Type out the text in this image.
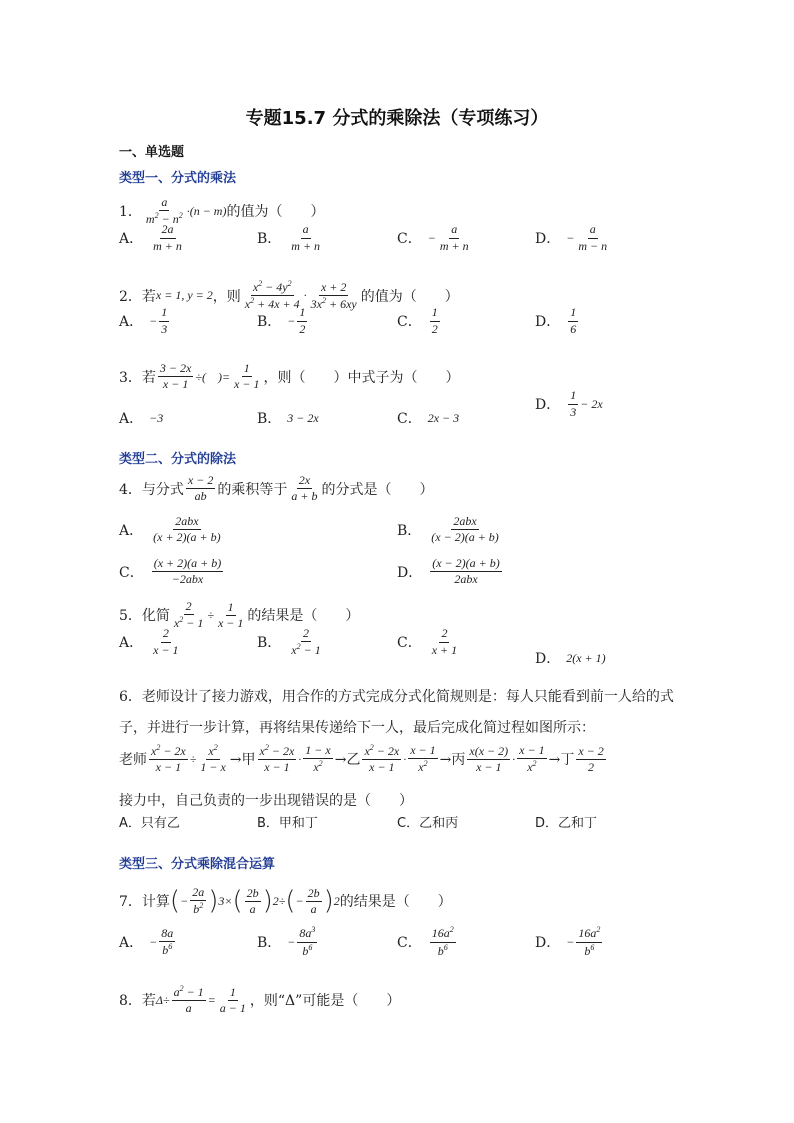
专题15.7 分式的乘除法（专项练习）
一、单选题
类型一、分式的乘法
1． $\frac{a}{m^2 - n^2} \cdot(n - m)$ 的值为（　　）
A． $\frac{2a}{m + n}$	B． $\frac{a}{m + n}$	C． − $\frac{a}{m + n}$	D． − $\frac{a}{m - n}$
2．若 x = 1, y = 2 ，则 $\frac{x^2 - 4y^2}{x^2 + 4x + 4} \cdot \frac{x + 2}{3x^2 + 6xy}$ 的值为（　　）
A． − $\frac{1}{3}$	B． − $\frac{1}{2}$	C． $\frac{1}{2}$	D． $\frac{1}{6}$
3．若 $\frac{3 - 2x}{x - 1}$ ÷(　)= $\frac{1}{x - 1}$ ，则（　　）中式子为（　　）
A． −3	B． 3 − 2x	C． 2x − 3
D． $\frac{1}{3} - 2x$
类型二、分式的除法
4．与分式 $\frac{x - 2}{ab}$ 的乘积等于 $\frac{2x}{a + b}$ 的分式是（　　）
A． $\frac{\text{2abx}}{(x + 2)(a + b)}$	B． $\frac{\text{2abx}}{(x - 2)(a + b)}$
C． $\frac{(x + 2)(a + b)}{\text{−2abx}}$	D． $\frac{(x - 2)(a + b)}{\text{2abx}}$
5．化简 $\frac{2}{x^2 - 1} \div \frac{1}{x - 1}$ 的结果是（　　）
A． $\frac{2}{x - 1}$	B． $\frac{2}{x^2 - 1}$	C． $\frac{2}{x + 1}$
D． 2(x + 1)
6．老师设计了接力游戏，用合作的方式完成分式化简规则是：每人只能看到前一人给的式
子，并进行一步计算，再将结果传递给下一人，最后完成化简过程如图所示：
老师 $\frac{x^2 - 2x}{x - 1} \div \frac{x^2}{1 - x}$ →甲 $\frac{x^2 - 2x}{x - 1} \cdot \frac{1 - x}{x^2}$ →乙 $\frac{x^2 - 2x}{x - 1} \cdot \frac{x - 1}{x^2}$ →丙 $\frac{x(x - 2)}{x - 1} \cdot \frac{x - 1}{x^2}$ →丁 $\frac{x - 2}{2}$
接力中，自己负责的一步出现错误的是（　　）
A．只有乙	B．甲和丁	C．乙和丙	D．乙和丁
类型三、分式乘除混合运算
7．计算 ( − $\frac{2a}{b^2}$ ) 3 × ( $\frac{2b}{a}$ ) 2 ÷ ( − $\frac{2b}{a}$ ) 2 的结果是（　　）
A． − $\frac{8a}{b^6}$	B． − $\frac{8a^3}{b^6}$	C． $\frac{16a^2}{b^6}$	D． − $\frac{16a^2}{b^6}$
8．若 $\Delta\div \frac{a^2 - 1}{a} = \frac{1}{a - 1}$ ，则“Δ”可能是（　　）
